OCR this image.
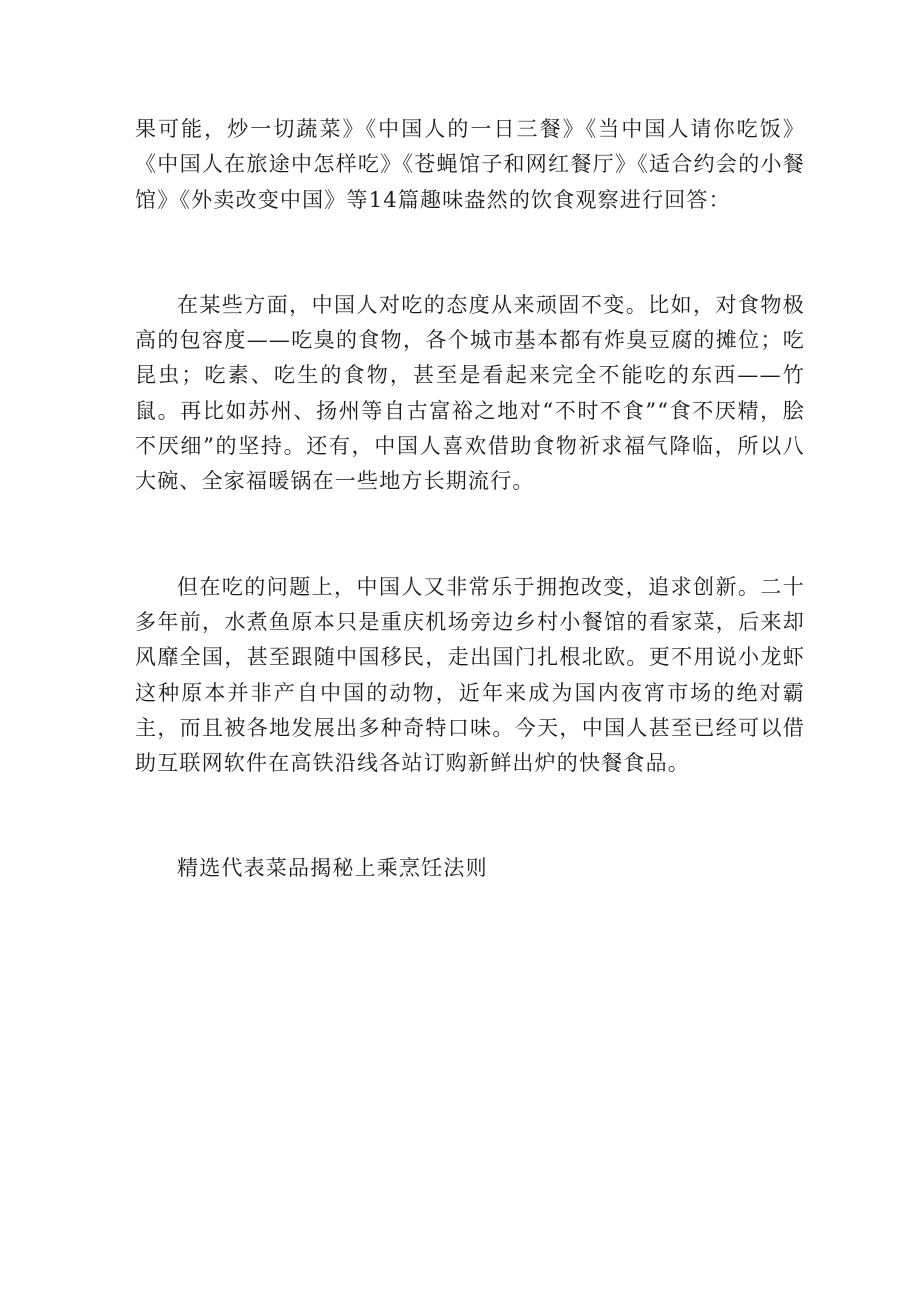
果可能，炒一切蔬菜》《中国人的一日三餐》《当中国人请你吃饭》《中国人在旅途中怎样吃》《苍蝇馆子和网红餐厅》《适合约会的小餐馆》《外卖改变中国》等14篇趣味盎然的饮食观察进行回答：

在某些方面，中国人对吃的态度从来顽固不变。比如，对食物极高的包容度——吃臭的食物，各个城市基本都有炸臭豆腐的摊位；吃昆虫；吃素、吃生的食物，甚至是看起来完全不能吃的东西——竹鼠。再比如苏州、扬州等自古富裕之地对“不时不食”“食不厌精，脍不厌细”的坚持。还有，中国人喜欢借助食物祈求福气降临，所以八大碗、全家福暖锅在一些地方长期流行。

但在吃的问题上，中国人又非常乐于拥抱改变，追求创新。二十多年前，水煮鱼原本只是重庆机场旁边乡村小餐馆的看家菜，后来却风靡全国，甚至跟随中国移民，走出国门扎根北欧。更不用说小龙虾这种原本并非产自中国的动物，近年来成为国内夜宵市场的绝对霸主，而且被各地发展出多种奇特口味。今天，中国人甚至已经可以借助互联网软件在高铁沿线各站订购新鲜出炉的快餐食品。

精选代表菜品揭秘上乘烹饪法则
